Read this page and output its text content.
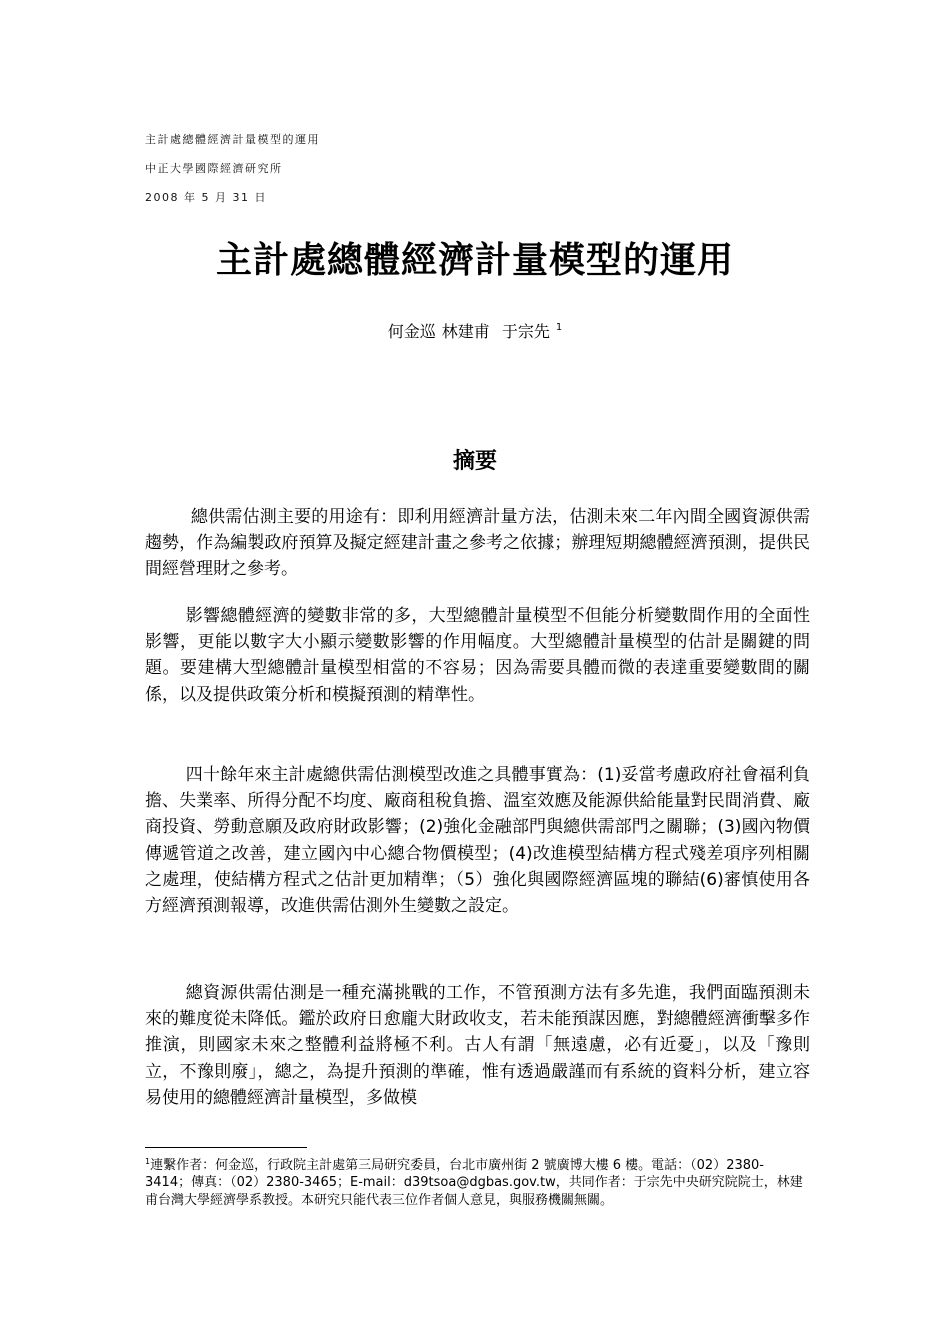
主計處總體經濟計量模型的運用
中正大學國際經濟研究所
2008 年 5 月 31 日
主計處總體經濟計量模型的運用
何金巡 林建甫 于宗先 $^1$
摘要

總供需估測主要的用途有：即利用經濟計量方法，估測未來二年內間全國資源供需趨勢，作為編製政府預算及擬定經建計畫之參考之依據；辦理短期總體經濟預測，提供民間經營理財之參考。

影響總體經濟的變數非常的多，大型總體計量模型不但能分析變數間作用的全面性影響，更能以數字大小顯示變數影響的作用幅度。大型總體計量模型的估計是關鍵的問題。要建構大型總體計量模型相當的不容易；因為需要具體而微的表達重要變數間的關係，以及提供政策分析和模擬預測的精準性。

四十餘年來主計處總供需估測模型改進之具體事實為：(1)妥當考慮政府社會福利負擔、失業率、所得分配不均度、廠商租稅負擔、溫室效應及能源供給能量對民間消費、廠商投資、勞動意願及政府財政影響；(2)強化金融部門與總供需部門之關聯；(3)國內物價傳遞管道之改善，建立國內中心總合物價模型；(4)改進模型結構方程式殘差項序列相關之處理，使結構方程式之估計更加精準；（5）強化與國際經濟區塊的聯結(6)審慎使用各方經濟預測報導，改進供需估測外生變數之設定。

總資源供需估測是一種充滿挑戰的工作，不管預測方法有多先進，我們面臨預測未來的難度從未降低。鑑於政府日愈龐大財政收支，若未能預謀因應，對總體經濟衝擊多作推演，則國家未來之整體利益將極不利。古人有謂「無遠慮，必有近憂」，以及「豫則立，不豫則廢」，總之，為提升預測的準確，惟有透過嚴謹而有系統的資料分析，建立容易使用的總體經濟計量模型，多做模

$^1$連繫作者：何金巡，行政院主計處第三局研究委員，台北市廣州街 2 號廣博大樓 6 樓。電話：（02）2380-3414；傳真：（02）2380-3465；E-mail：d39tsoa@dgbas.gov.tw，共同作者：于宗先中央研究院院士，林建甫台灣大學經濟學系教授。本研究只能代表三位作者個人意見，與服務機關無關。
